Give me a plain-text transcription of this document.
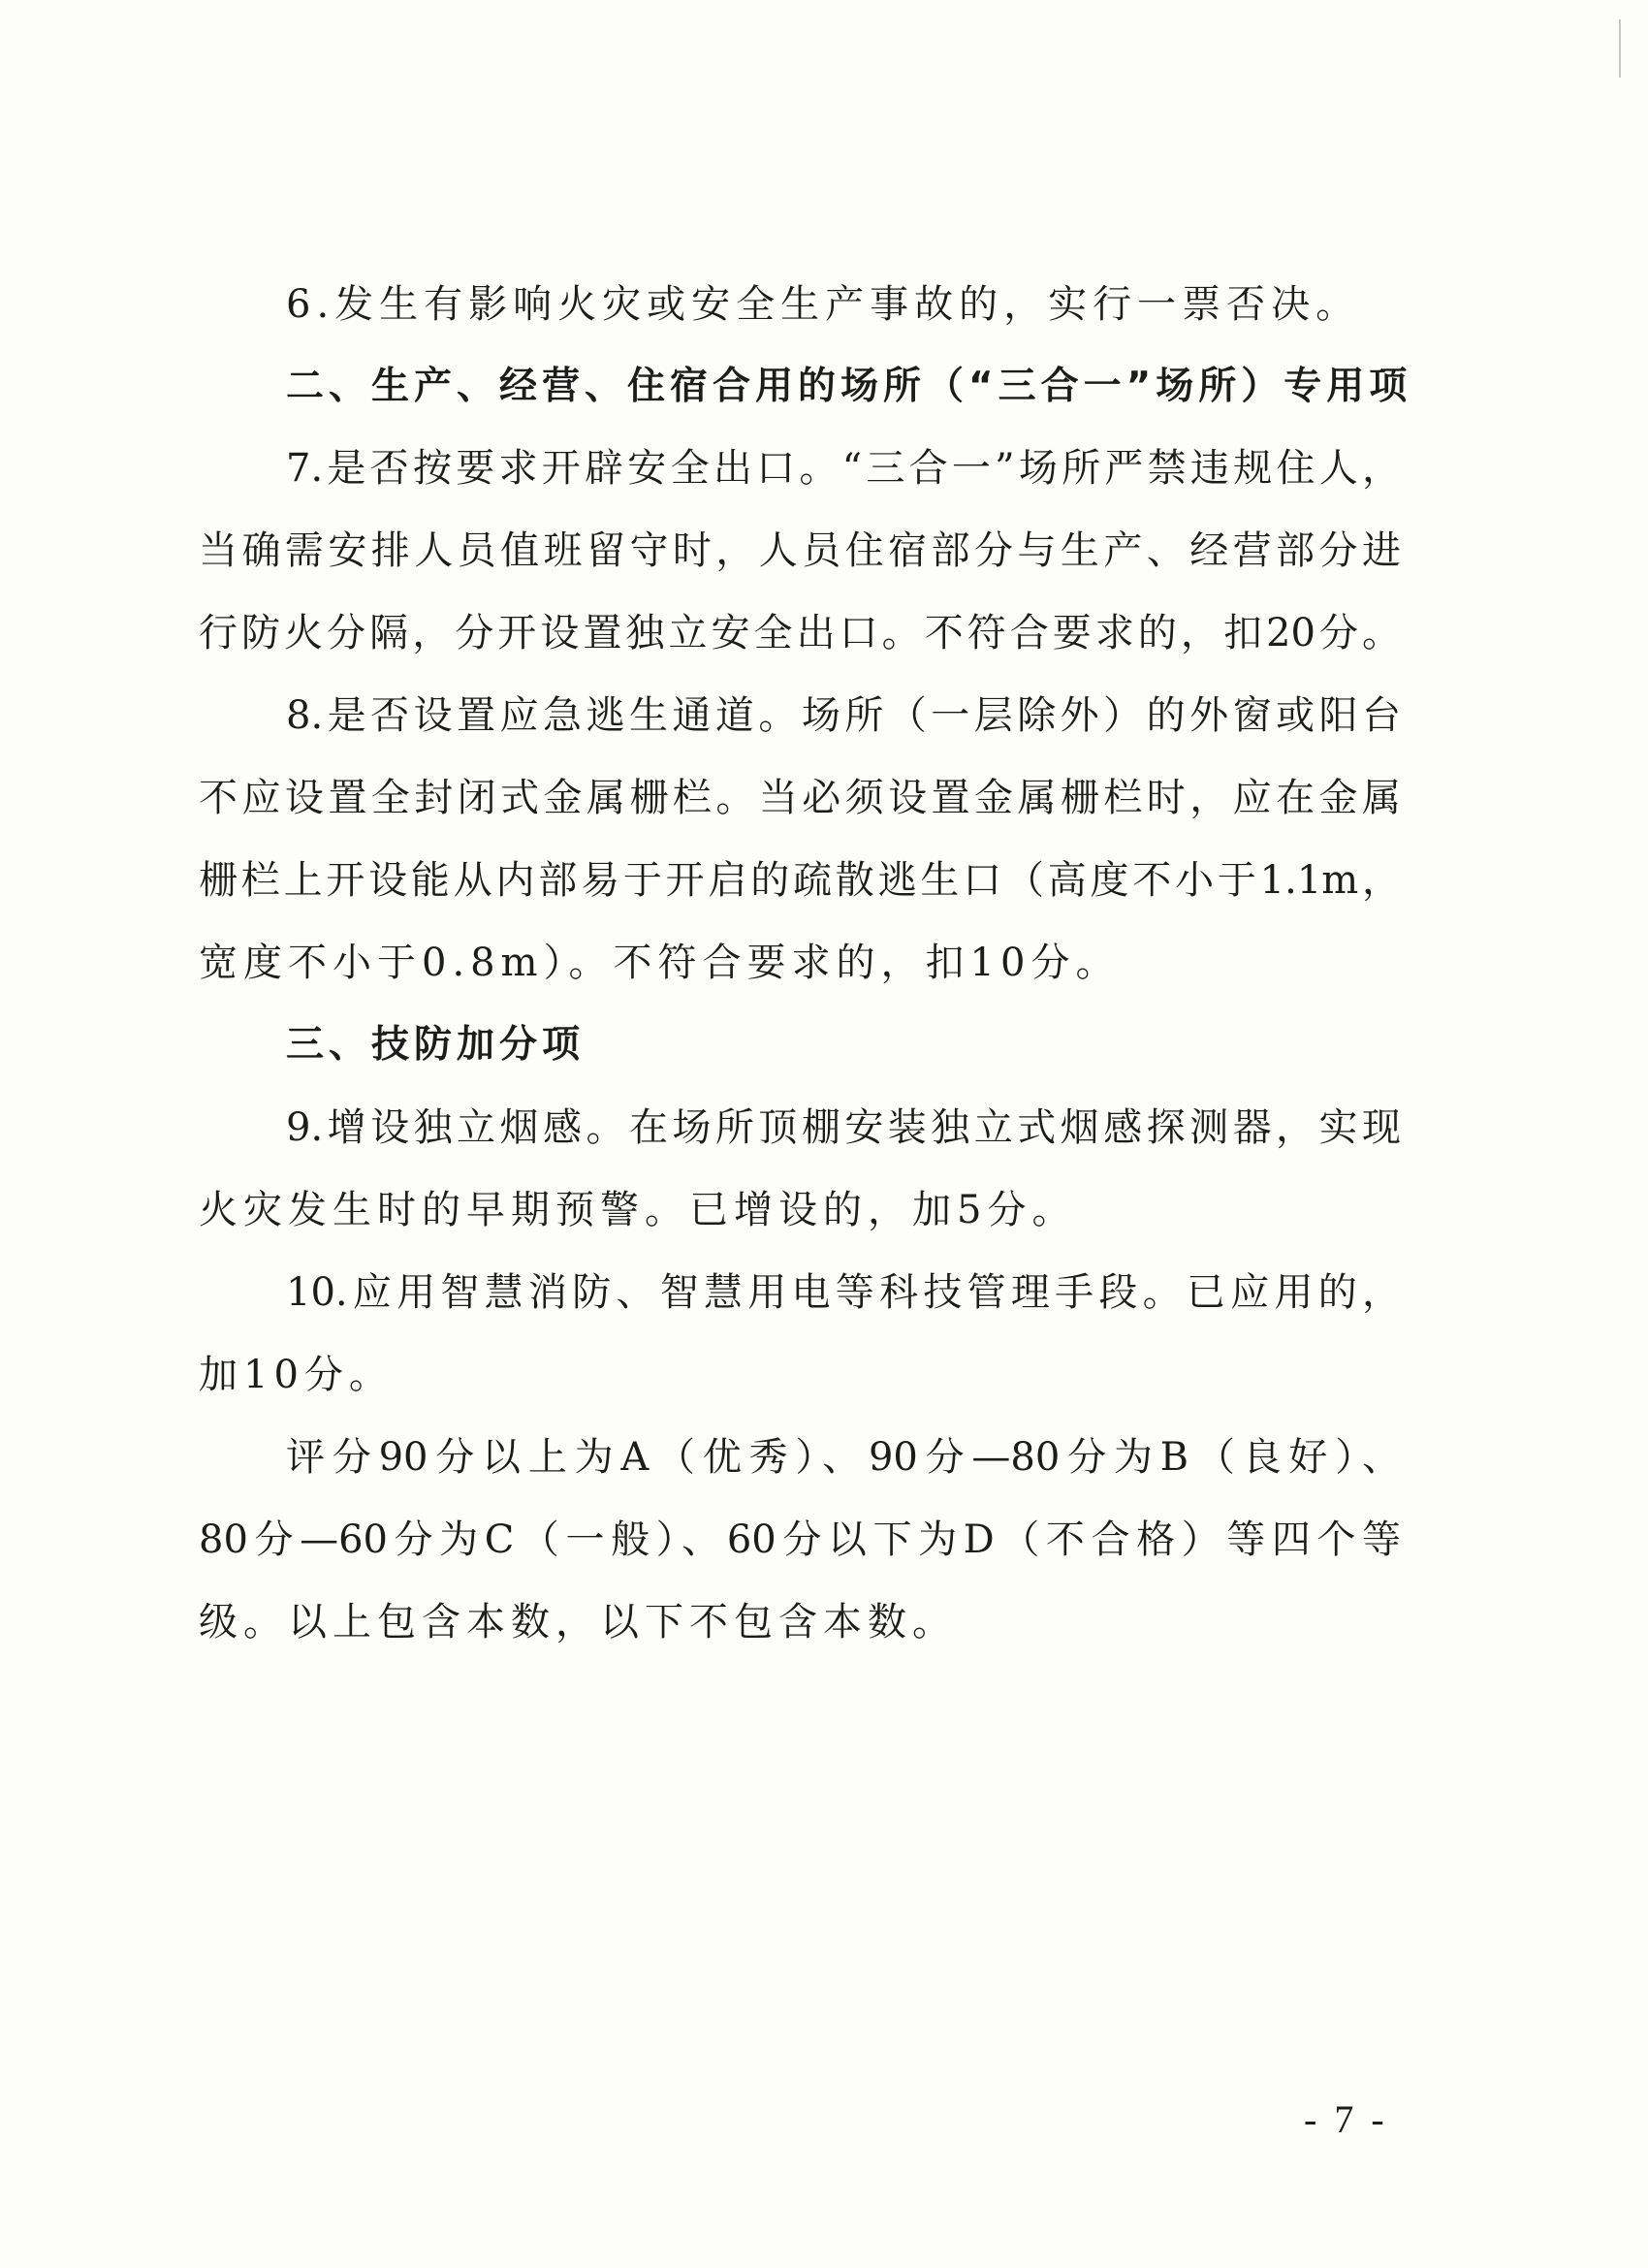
6.发生有影响火灾或安全生产事故的，实行一票否决。
二、生产、经营、住宿合用的场所（“三合一”场所）专用项
7.是否按要求开辟安全出口。“三合一”场所严禁违规住人，
当确需安排人员值班留守时，人员住宿部分与生产、经营部分进
行防火分隔，分开设置独立安全出口。不符合要求的，扣20分。
8.是否设置应急逃生通道。场所（一层除外）的外窗或阳台
不应设置全封闭式金属栅栏。当必须设置金属栅栏时，应在金属
栅栏上开设能从内部易于开启的疏散逃生口（高度不小于1.1m，
宽度不小于0.8m）。不符合要求的，扣10分。
三、技防加分项
9.增设独立烟感。在场所顶棚安装独立式烟感探测器，实现
火灾发生时的早期预警。已增设的，加5分。
10.应用智慧消防、智慧用电等科技管理手段。已应用的，
加10分。
评分90分以上为A（优秀）、90分—80分为B（良好）、
80分—60分为C（一般）、60分以下为D（不合格）等四个等
级。以上包含本数，以下不包含本数。
- 7 -
